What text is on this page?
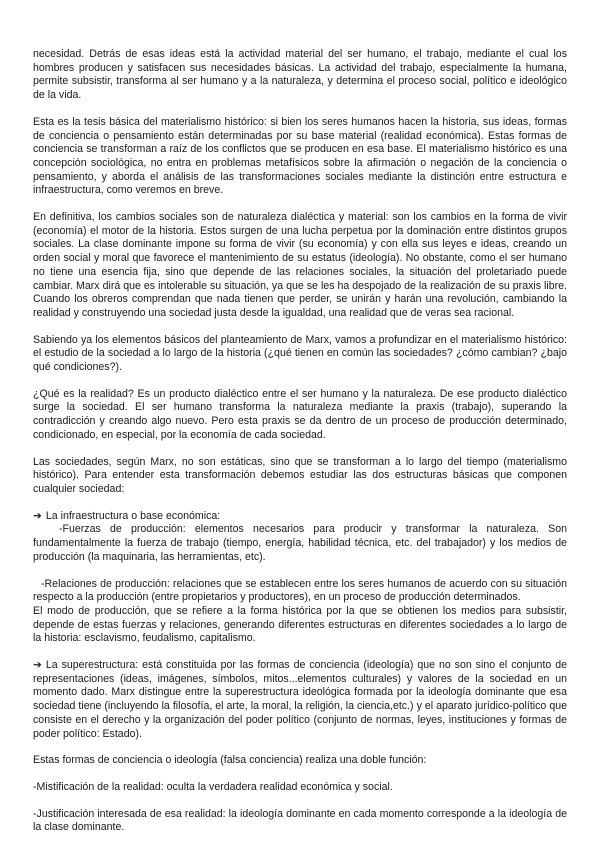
necesidad. Detrás de esas ideas está la actividad material del ser humano, el trabajo, mediante el cual los hombres producen y satisfacen sus necesidades básicas. La actividad del trabajo, especialmente la humana, permite subsistir, transforma al ser humano y a la naturaleza, y determina el proceso social, político e ideológico de la vida.

Esta es la tesis básica del materialismo histórico: si bien los seres humanos hacen la historia, sus ideas, formas de conciencia o pensamiento están determinadas por su base material (realidad económica). Estas formas de conciencia se transforman a raíz de los conflictos que se producen en esa base. El materialismo histórico es una concepción sociológica, no entra en problemas metafísicos sobre la afirmación o negación de la conciencia o pensamiento, y aborda el análisis de las transformaciones sociales mediante la distinción entre estructura e infraestructura, como veremos en breve.

En definitiva, los cambios sociales son de naturaleza dialéctica y material: son los cambios en la forma de vivir (economía) el motor de la historia. Estos surgen de una lucha perpetua por la dominación entre distintos grupos sociales. La clase dominante impone su forma de vivir (su economía) y con ella sus leyes e ideas, creando un orden social y moral que favorece el mantenimiento de su estatus (ideología). No obstante, como el ser humano no tiene una esencia fija, sino que depende de las relaciones sociales, la situación del proletariado puede cambiar. Marx dirá que es intolerable su situación, ya que se les ha despojado de la realización de su praxis libre. Cuando los obreros comprendan que nada tienen que perder, se unirán y harán una revolución, cambiando la realidad y construyendo una sociedad justa desde la igualdad, una realidad que de veras sea racional.

Sabiendo ya los elementos básicos del planteamiento de Marx, vamos a profundizar en el materialismo histórico: el estudio de la sociedad a lo largo de la historia (¿qué tienen en común las sociedades? ¿cómo cambian? ¿bajo qué condiciones?).

¿Qué es la realidad? Es un producto dialéctico entre el ser humano y la naturaleza. De ese producto dialéctico surge la sociedad. El ser humano transforma la naturaleza mediante la praxis (trabajo), superando la contradicción y creando algo nuevo. Pero esta praxis se da dentro de un proceso de producción determinado, condicionado, en especial, por la economía de cada sociedad.

Las sociedades, según Marx, no son estáticas, sino que se transforman a lo largo del tiempo (materialismo histórico). Para entender esta transformación debemos estudiar las dos estructuras básicas que componen cualquier sociedad:

➔ La infraestructura o base económica:

-Fuerzas de producción: elementos necesarios para producir y transformar la naturaleza. Son fundamentalmente la fuerza de trabajo (tiempo, energía, habilidad técnica, etc. del trabajador) y los medios de producción (la maquinaria, las herramientas, etc).

-Relaciones de producción: relaciones que se establecen entre los seres humanos de acuerdo con su situación respecto a la producción (entre propietarios y productores), en un proceso de producción determinados.

El modo de producción, que se refiere a la forma histórica por la que se obtienen los medios para subsistir, depende de estas fuerzas y relaciones, generando diferentes estructuras en diferentes sociedades a lo largo de la historia: esclavismo, feudalismo, capitalismo.

➔ La superestructura: está constituida por las formas de conciencia (ideología) que no son sino el conjunto de representaciones (ideas, imágenes, símbolos, mitos...elementos culturales) y valores de la sociedad en un momento dado. Marx distingue entre la superestructura ideológica formada por la ideología dominante que esa sociedad tiene (incluyendo la filosofía, el arte, la moral, la religión, la ciencia,etc.) y el aparato jurídico-político que consiste en el derecho y la organización del poder político (conjunto de normas, leyes, instituciones y formas de poder político: Estado).

Estas formas de conciencia o ideología (falsa conciencia) realiza una doble función:

-Mistificación de la realidad: oculta la verdadera realidad económica y social.

-Justificación interesada de esa realidad: la ideología dominante en cada momento corresponde a la ideología de la clase dominante.
